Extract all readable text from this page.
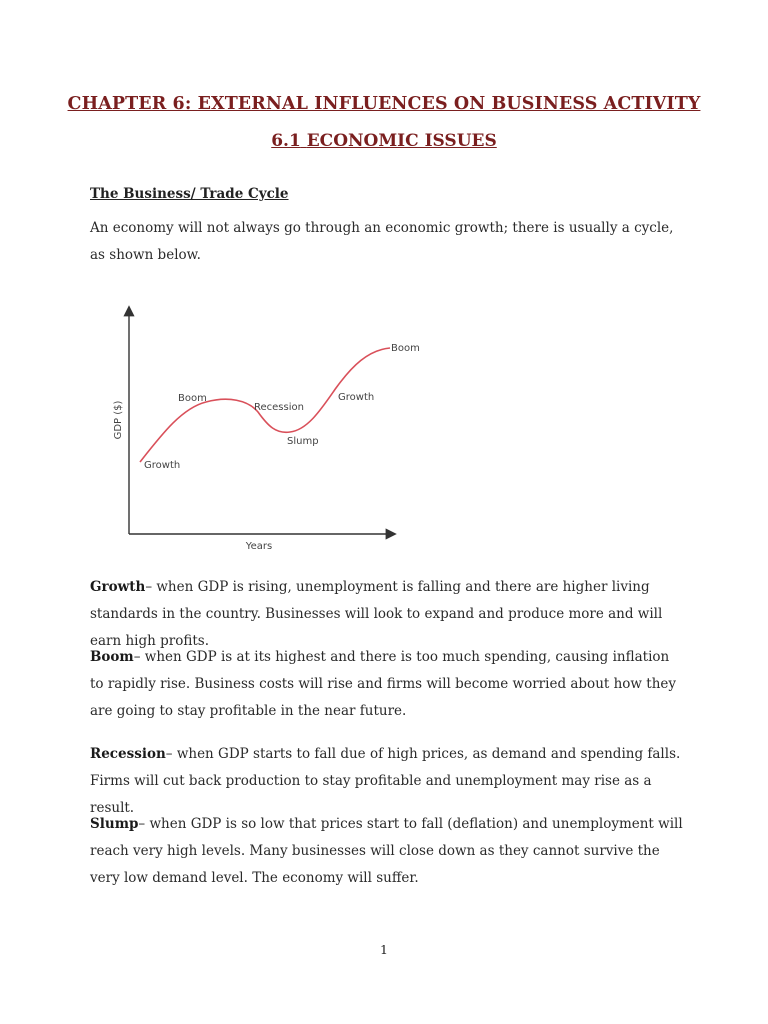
CHAPTER 6: EXTERNAL INFLUENCES ON BUSINESS ACTIVITY
6.1 ECONOMIC ISSUES
The Business/ Trade Cycle

An economy will not always go through an economic growth; there is usually a cycle, as shown below.

GDP ($)
Years
Growth
Boom
Recession
Slump
Growth
Boom

Growth– when GDP is rising, unemployment is falling and there are higher living standards in the country. Businesses will look to expand and produce more and will earn high profits.

Boom– when GDP is at its highest and there is too much spending, causing inflation to rapidly rise. Business costs will rise and firms will become worried about how they are going to stay profitable in the near future.

Recession– when GDP starts to fall due of high prices, as demand and spending falls. Firms will cut back production to stay profitable and unemployment may rise as a result.

Slump– when GDP is so low that prices start to fall (deflation) and unemployment will reach very high levels. Many businesses will close down as they cannot survive the very low demand level. The economy will suffer.

1
